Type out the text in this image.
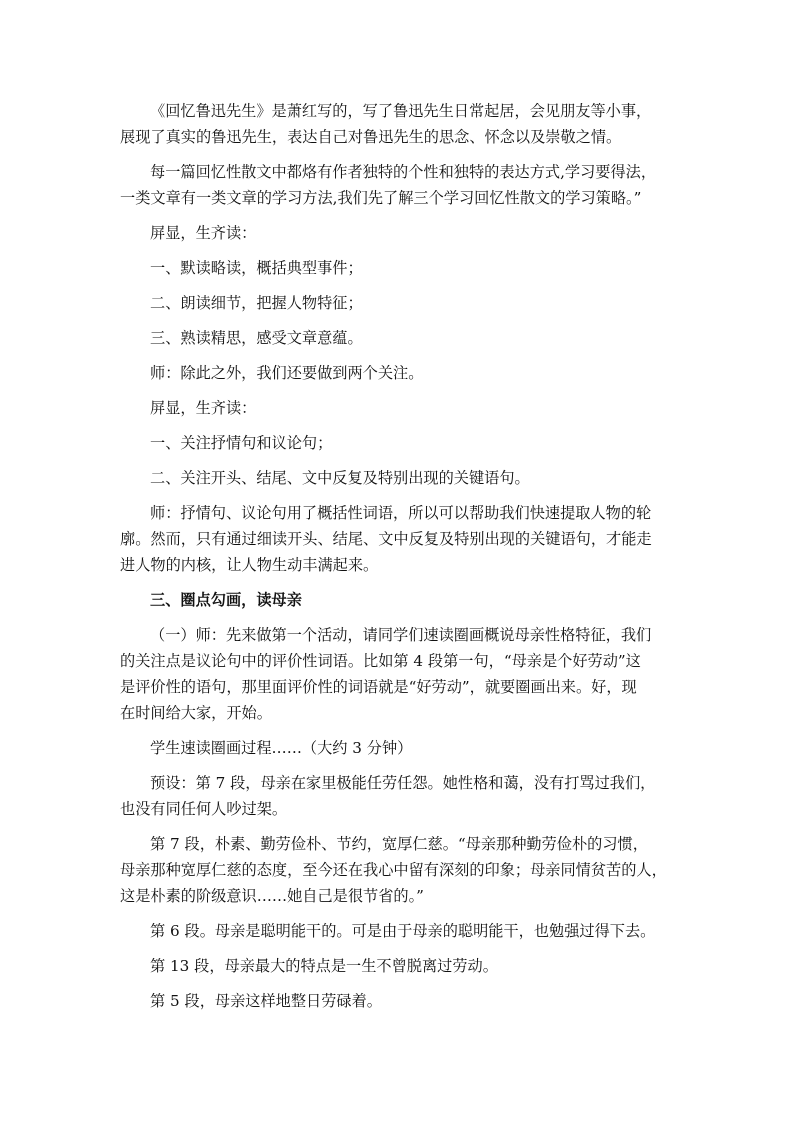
《回忆鲁迅先生》是萧红写的，写了鲁迅先生日常起居，会见朋友等小事，
展现了真实的鲁迅先生，表达自己对鲁迅先生的思念、怀念以及崇敬之情。
每一篇回忆性散文中都烙有作者独特的个性和独特的表达方式,学习要得法，
一类文章有一类文章的学习方法,我们先了解三个学习回忆性散文的学习策略。”
屏显，生齐读：
一、默读略读，概括典型事件；
二、朗读细节，把握人物特征；
三、熟读精思，感受文章意蕴。
师：除此之外，我们还要做到两个关注。
屏显，生齐读：
一、关注抒情句和议论句；
二、关注开头、结尾、文中反复及特别出现的关键语句。
师：抒情句、议论句用了概括性词语，所以可以帮助我们快速提取人物的轮
廓。然而，只有通过细读开头、结尾、文中反复及特别出现的关键语句，才能走
进人物的内核，让人物生动丰满起来。
三、圈点勾画，读母亲
（一）师：先来做第一个活动，请同学们速读圈画概说母亲性格特征，我们
的关注点是议论句中的评价性词语。比如第 4 段第一句，“母亲是个好劳动”这
是评价性的语句，那里面评价性的词语就是“好劳动”，就要圈画出来。好，现
在时间给大家，开始。
学生速读圈画过程……（大约 3 分钟）
预设：第 7 段，母亲在家里极能任劳任怨。她性格和蔼，没有打骂过我们，
也没有同任何人吵过架。
第 7 段，朴素、勤劳俭朴、节约，宽厚仁慈。“母亲那种勤劳俭朴的习惯，
母亲那种宽厚仁慈的态度，至今还在我心中留有深刻的印象；母亲同情贫苦的人，
这是朴素的阶级意识……她自己是很节省的。”
第 6 段。母亲是聪明能干的。可是由于母亲的聪明能干，也勉强过得下去。
第 13 段，母亲最大的特点是一生不曾脱离过劳动。
第 5 段，母亲这样地整日劳碌着。
